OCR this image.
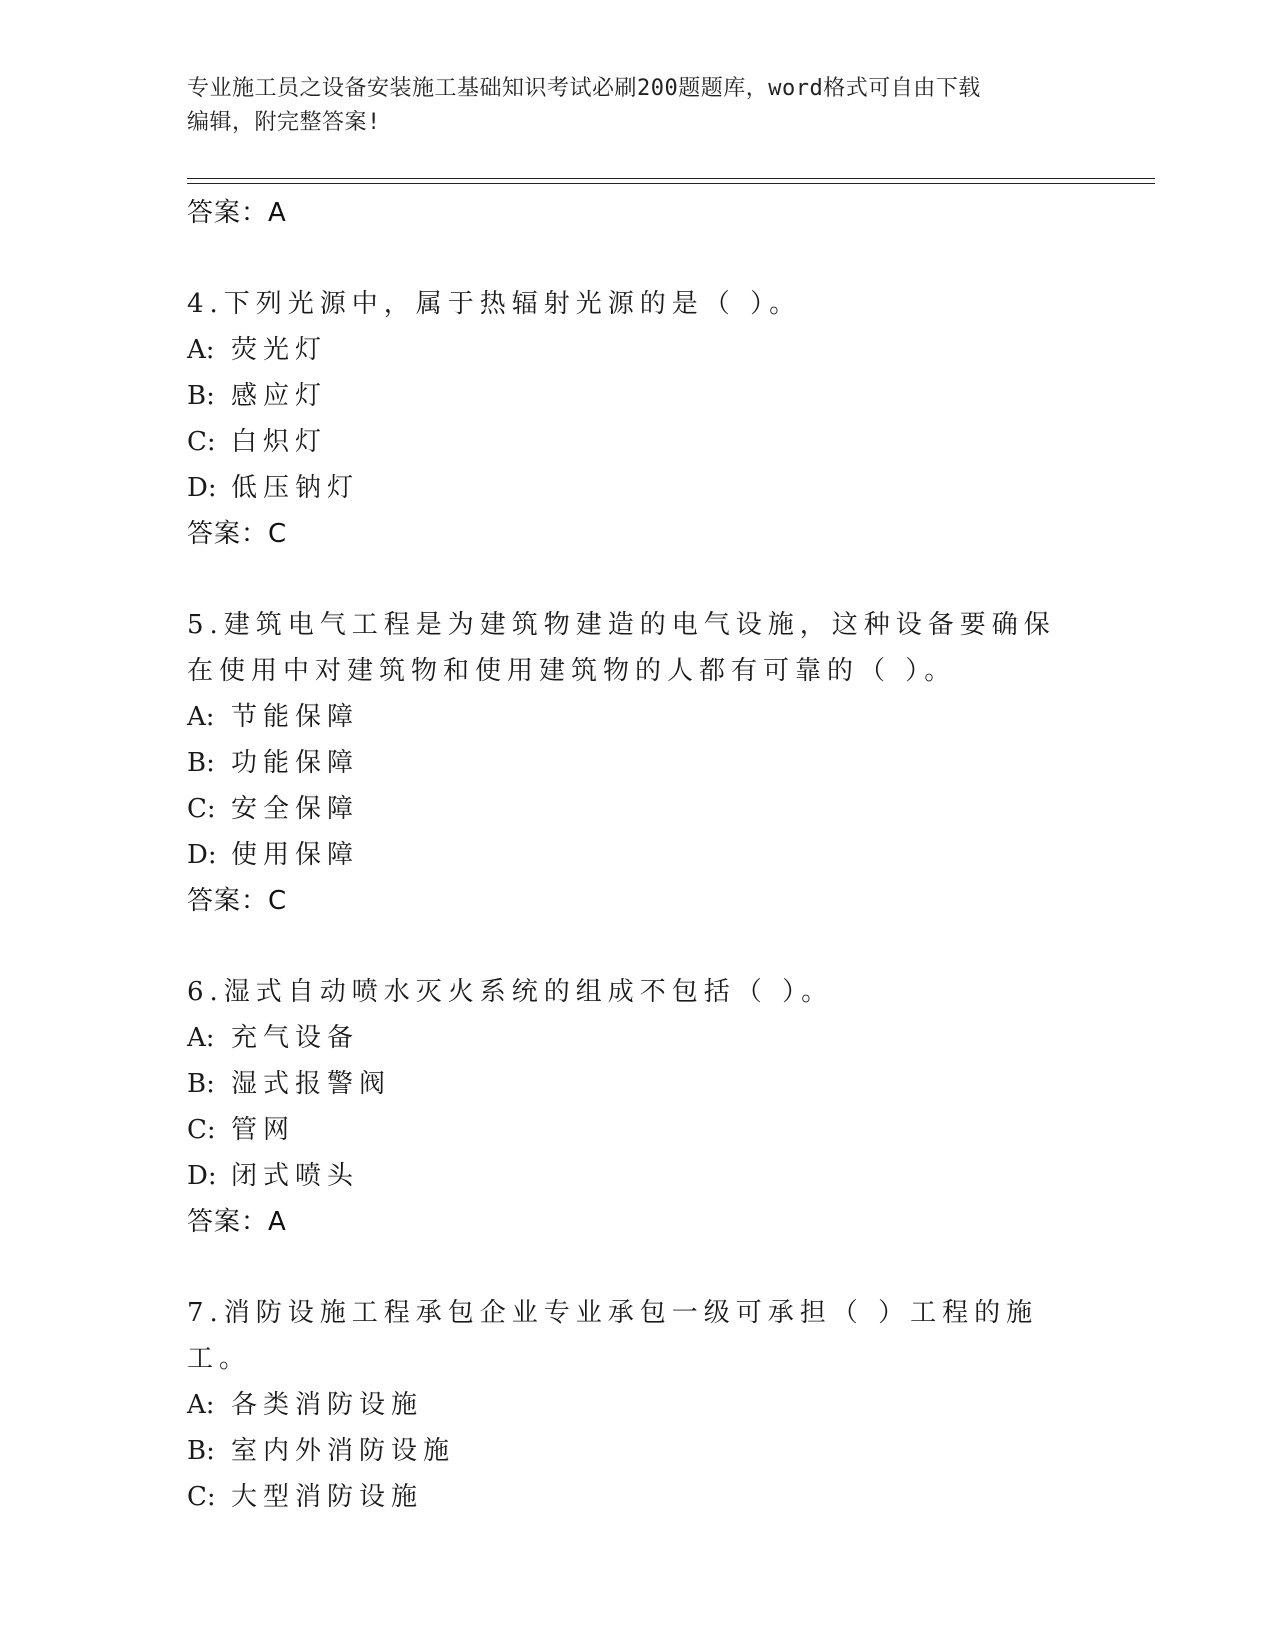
专业施工员之设备安装施工基础知识考试必刷200题题库，word格式可自由下载
编辑，附完整答案!
答案：A

4.下列光源中，属于热辐射光源的是（ ）。

A: 荧光灯
B: 感应灯
C: 白炽灯
D: 低压钠灯
答案：C

5.建筑电气工程是为建筑物建造的电气设施，这种设备要确保在使用中对建筑物和使用建筑物的人都有可靠的（ ）。

A: 节能保障
B: 功能保障
C: 安全保障
D: 使用保障
答案：C

6.湿式自动喷水灭火系统的组成不包括（ ）。

A: 充气设备
B: 湿式报警阀
C: 管网
D: 闭式喷头
答案：A

7.消防设施工程承包企业专业承包一级可承担（ ）工程的施工。

A: 各类消防设施
B: 室内外消防设施
C: 大型消防设施
